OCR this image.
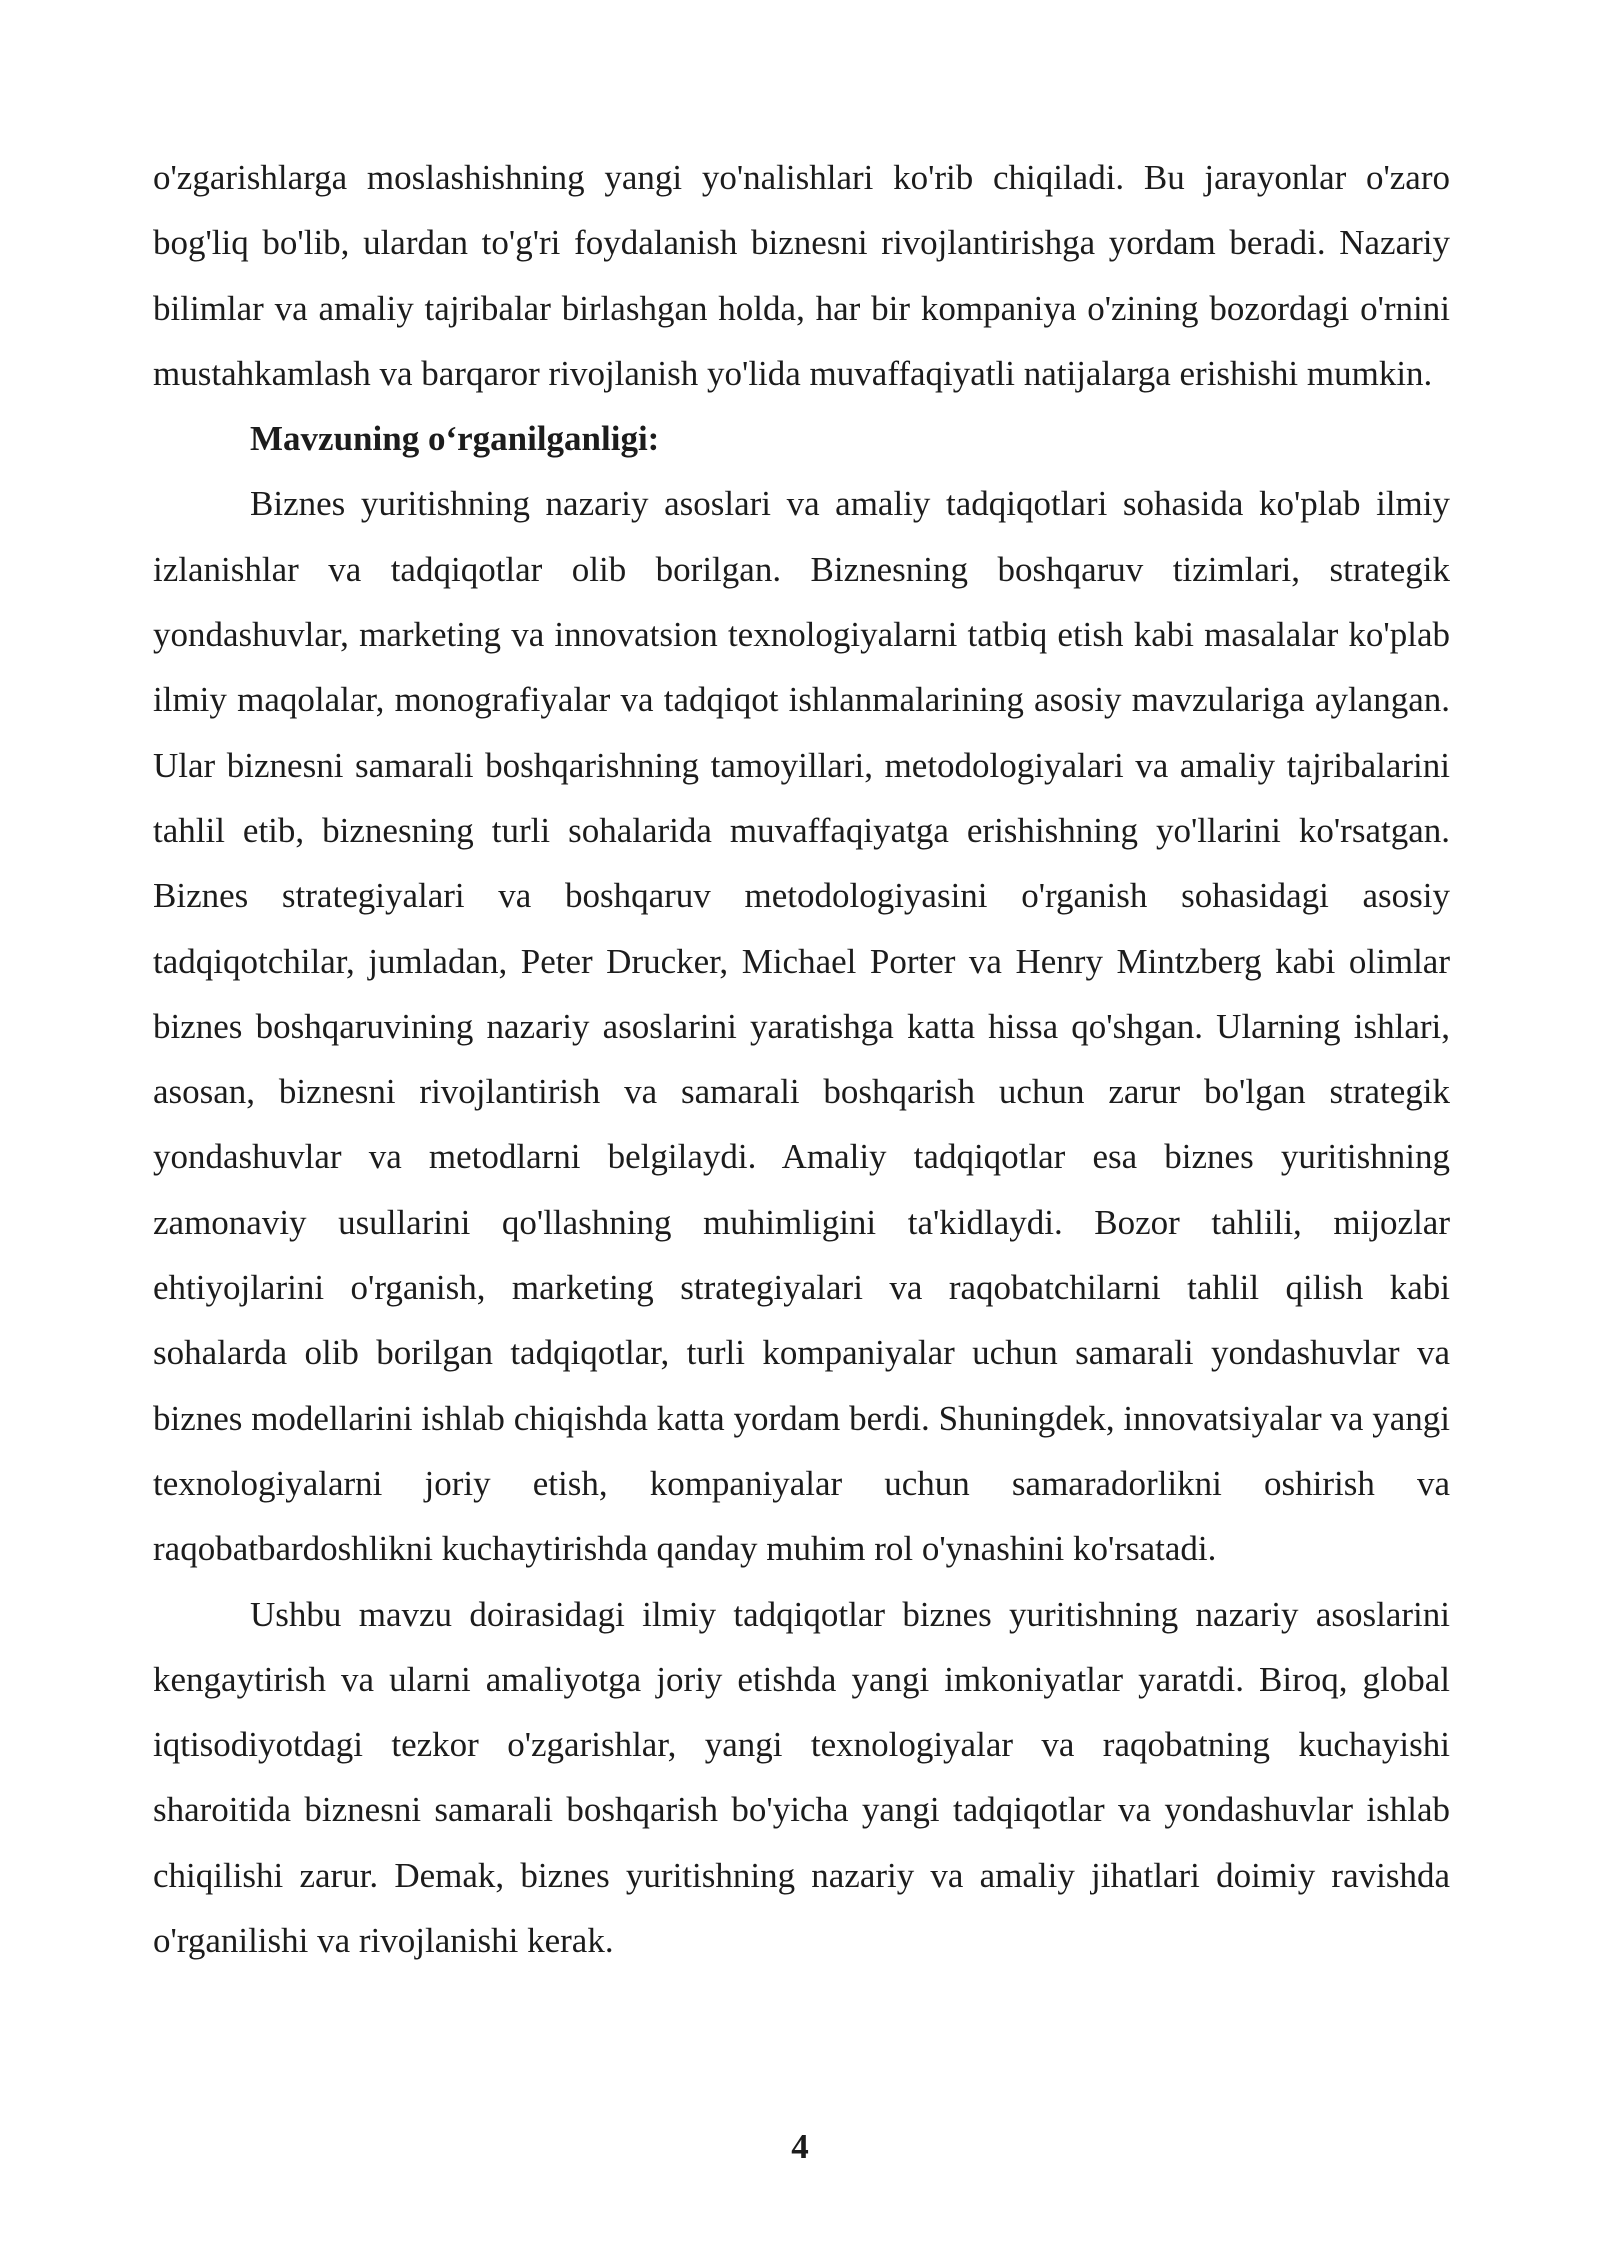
o'zgarishlarga moslashishning yangi yo'nalishlari ko'rib chiqiladi. Bu jarayonlar o'zaro bog'liq bo'lib, ulardan to'g'ri foydalanish biznesni rivojlantirishga yordam beradi. Nazariy bilimlar va amaliy tajribalar birlashgan holda, har bir kompaniya o'zining bozordagi o'rnini mustahkamlash va barqaror rivojlanish yo'lida muvaffaqiyatli natijalarga erishishi mumkin.

Mavzuning o‘rganilganligi:

Biznes yuritishning nazariy asoslari va amaliy tadqiqotlari sohasida ko'plab ilmiy izlanishlar va tadqiqotlar olib borilgan. Biznesning boshqaruv tizimlari, strategik yondashuvlar, marketing va innovatsion texnologiyalarni tatbiq etish kabi masalalar ko'plab ilmiy maqolalar, monografiyalar va tadqiqot ishlanmalarining asosiy mavzulariga aylangan. Ular biznesni samarali boshqarishning tamoyillari, metodologiyalari va amaliy tajribalarini tahlil etib, biznesning turli sohalarida muvaffaqiyatga erishishning yo'llarini ko'rsatgan. Biznes strategiyalari va boshqaruv metodologiyasini o'rganish sohasidagi asosiy tadqiqotchilar, jumladan, Peter Drucker, Michael Porter va Henry Mintzberg kabi olimlar biznes boshqaruvining nazariy asoslarini yaratishga katta hissa qo'shgan. Ularning ishlari, asosan, biznesni rivojlantirish va samarali boshqarish uchun zarur bo'lgan strategik yondashuvlar va metodlarni belgilaydi. Amaliy tadqiqotlar esa biznes yuritishning zamonaviy usullarini qo'llashning muhimligini ta'kidlaydi. Bozor tahlili, mijozlar ehtiyojlarini o'rganish, marketing strategiyalari va raqobatchilarni tahlil qilish kabi sohalarda olib borilgan tadqiqotlar, turli kompaniyalar uchun samarali yondashuvlar va biznes modellarini ishlab chiqishda katta yordam berdi. Shuningdek, innovatsiyalar va yangi texnologiyalarni joriy etish, kompaniyalar uchun samaradorlikni oshirish va raqobatbardoshlikni kuchaytirishda qanday muhim rol o'ynashini ko'rsatadi.

Ushbu mavzu doirasidagi ilmiy tadqiqotlar biznes yuritishning nazariy asoslarini kengaytirish va ularni amaliyotga joriy etishda yangi imkoniyatlar yaratdi. Biroq, global iqtisodiyotdagi tezkor o'zgarishlar, yangi texnologiyalar va raqobatning kuchayishi sharoitida biznesni samarali boshqarish bo'yicha yangi tadqiqotlar va yondashuvlar ishlab chiqilishi zarur. Demak, biznes yuritishning nazariy va amaliy jihatlari doimiy ravishda o'rganilishi va rivojlanishi kerak.

4
